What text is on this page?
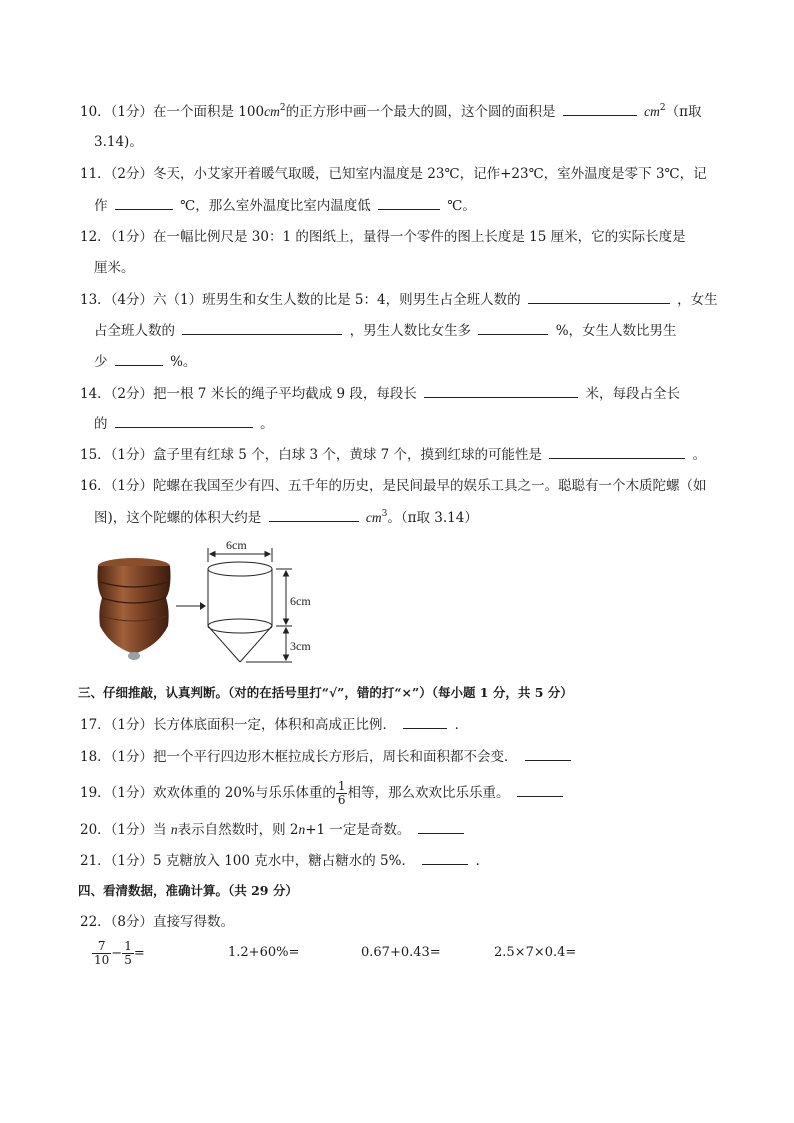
10．（1分）在一个面积是 $100cm^2$的正方形中画一个最大的圆，这个圆的面积是	$cm^2(\pi$取
3.14)。
11．（2分）冬天，小艾家开着暖气取暖，已知室内温度是 23℃，记作+23℃，室外温度是零下 3℃，记
作	℃，那么室外温度比室内温度低	℃。
12．（1分）在一幅比例尺是 30：1 的图纸上，量得一个零件的图上长度是 15 厘米，它的实际长度是
厘米。
13．（4分）六（1）班男生和女生人数的比是 5：4，则男生占全班人数的	，女生
占全班人数的	，男生人数比女生多	%，女生人数比男生
少	%。
14．（2分）把一根 7 米长的绳子平均截成 9 段，每段长	米，每段占全长
的	。
15．（1分）盒子里有红球 5 个，白球 3 个，黄球 7 个，摸到红球的可能性是	。
16．（1分）陀螺在我国至少有四、五千年的历史，是民间最早的娱乐工具之一。聪聪有一个木质陀螺（如
图)，这个陀螺的体积大约是	$cm^3$。（π取 3.14）
6cm
6cm
3cm
三、仔细推敲，认真判断。（对的在括号里打“√”，错的打“×”）（每小题 1 分，共 5 分）
17．（1分）长方体底面积一定，体积和高成正比例．	．
18．（1分）把一个平行四边形木框拉成长方形后，周长和面积都不会变．
19．（1分）欢欢体重的 20%与乐乐体重的 $\frac{1}{6}$ 相等，那么欢欢比乐乐重。
20．（1分）当 n表示自然数时，则 2n+1 一定是奇数。
21．（1分）5 克糖放入 100 克水中，糖占糖水的 5%．	．
四、看清数据，准确计算。（共 29 分）
22．（8分）直接写得数。
$\frac{7}{10} - \frac{1}{5}$ =	1.2+60%=	0.67+0.43=	2.5×7×0.4=
